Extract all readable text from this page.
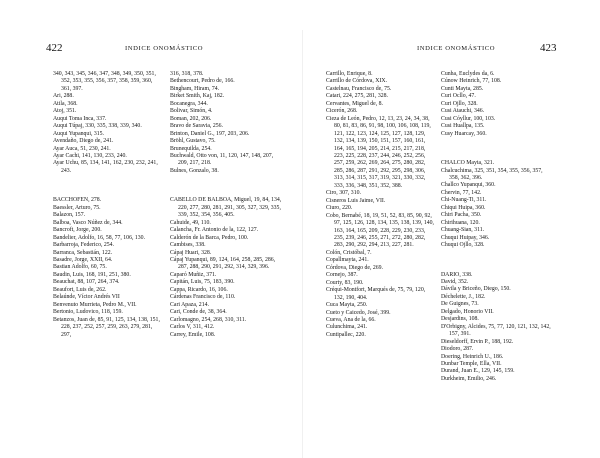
422	INDICE ONOMÁSTICO
340, 343, 345, 346, 347, 348, 349, 350, 351, 352, 353, 355, 356, 357, 358, 359, 360, 361, 397.
Ari, 288.
Atila, 368.
Atoj, 351.
Auqui Toma Inca, 337.
Auqui Túpaj, 330, 335, 338, 339, 340.
Auqui Yupanqui, 315.
Avendaño, Diego de, 241.
Ayar Auca, 51, 230, 241.
Ayar Cachi, 141, 130, 233, 240.
Ayar Uchu, 85, 134, 141, 162, 230, 232, 241, 243.
BACCHOFEN, 278.
Baessler, Arturo, 75.
Balazon, 157.
Balboa, Vasco Núñez de, 344.
Bancroft, Jorge, 200.
Bandelier, Adolfo, 16, 58, 77, 106, 130.
Barbarroja, Federico, 254.
Barranca, Sebastián, 122.
Basadre, Jorge, XXII, 64.
Bastian Adolfo, 60, 75.
Baudin, Luis, 168, 191, 251, 380.
Beauchat, 88, 107, 264, 374.
Beaufort, Luis de, 262.
Belaúnde, Víctor Andrés VII
Benvenuto Murrieta, Pedro M., VII.
Bertonio, Ludovico, 118, 159.
Betanzos, Juan de, 85, 91, 125, 134, 138, 151, 228, 237, 252, 257, 259, 263, 279, 281, 297,
316, 318, 378.
Bethencourt, Pedro de, 166.
Bingham, Hiram, 74.
Birket Smith, Kaj, 182.
Bocanegra, 344.
Bolivar, Simón, 4.
Boman, 202, 206.
Bravo de Saravia, 256.
Brinton, Daniel G., 197, 203, 206.
Bröhl, Gustavo, 75.
Brunequilda, 254.
Buchwald, Otto von, 11, 120, 147, 148, 207, 209, 217, 218.
Bulnes, Gonzalo, 38.
CABELLO DE BALBOA, Miguel, 19, 84, 134, 220, 277, 280, 281, 291, 305, 327, 329, 335, 339, 352, 354, 356, 405.
Cahuide, 49, 110.
Calancha, Fr. Antonio de la, 122, 127.
Calderón de la Barca, Pedro, 100.
Cambises, 338.
Cápaj Huari, 328.
Cápaj Yupanqui, 89, 124, 164, 258, 285, 286, 287, 288, 290, 291, 292, 314, 329, 396.
Caparó Muñiz, 371.
Capitán, Luis, 75, 183, 390.
Cappa, Ricardo, 16, 106.
Cárdenas Francisco de, 110.
Cari Apaza, 214.
Cari, Conde de, 38, 364.
Carlomagno, 254, 268, 310, 311.
Carlos V, 311, 412.
Carrey, Emile, 108.
INDICE ONOMÁSTICO	423
Carrillo, Enrique, 8.
Carrillo de Córdova, XIX.
Castelnau, Francisco de, 75.
Catari, 224, 275, 281, 328.
Cervantes, Miguel de, 8.
Cicerón, 268.
Cieza de León, Pedro, 12, 13, 23, 24, 34, 38, 80, 81, 83, 86, 91, 98, 100, 106, 108, 119, 121, 122, 123, 124, 125, 127, 128, 129, 132, 134, 139, 150, 151, 157, 160, 161, 164, 165, 194, 205, 214, 215, 217, 218, 223, 225, 228, 237, 244, 246, 252, 256, 257, 259, 262, 269, 264, 275, 280, 282, 285, 286, 287, 291, 292, 295, 298, 306, 313, 314, 315, 317, 319, 321, 330, 332, 333, 336, 348, 351, 352, 388.
Ciro, 307, 310.
Cisneros Luis Jaime, VII.
Ciuro, 220.
Cobo, Bernabé, 18, 19, 51, 52, 83, 85, 90, 92, 97, 125, 126, 128, 134, 135, 138, 139, 140, 163, 164, 165, 209, 228, 229, 230, 233, 235, 239, 246, 255, 271, 272, 280, 282, 283, 290, 292, 294, 213, 227, 281.
Colón, Cristóbal, 7.
Copallmayta, 241.
Córdova, Diego de, 269.
Cornejo, 387.
Courty, 83, 190.
Créqui-Montfort, Marqués de, 75, 79, 120, 132, 190, 404.
Cuca Mayta, 250.
Cueto y Caicedo, José, 399.
Cueva, Ana de la, 66.
Culunchima, 241.
Cuntipallec, 220.
Cunha, Euclydes da, 6.
Cúnow Heinrich, 77, 108.
Cunti Mayta, 285.
Curi Ocllo, 47.
Curi Ojllo, 328.
Cusi Atauchi, 346.
Cusi Cóyllur, 100, 103.
Cusi Huallpa, 135.
Cusy Huarcay, 360.
CHALCO Mayta, 321.
Chalcuchima, 325, 351, 354, 355, 356, 357, 358, 362, 396.
Challco Yupanqui, 360.
Chervin, 77, 142.
Chi-Nuang-Ti, 311.
Chiqui Huipa, 360.
Chiri Pacha, 350.
Chirihuana, 120.
Chuang-Sian, 311.
Chuqui Huipay, 346.
Chuqui Ojllo, 328.
DARIO, 338.
David, 352.
Dávila y Briceño, Diego, 150.
Déchelette, J., 182.
De Guignes, 73.
Delgado, Honorio VII.
Desjardins, 108.
D'Orbigny, Alcides, 75, 77, 120, 121, 132, 142, 157, 391.
Dieseldorff, Ervin P., 188, 192.
Diodoro, 287.
Doering, Heinrich U., 186.
Dunbar Temple, Ella, VII.
Durand, Juan E., 129, 145, 159.
Durkheim, Emilio, 246.
